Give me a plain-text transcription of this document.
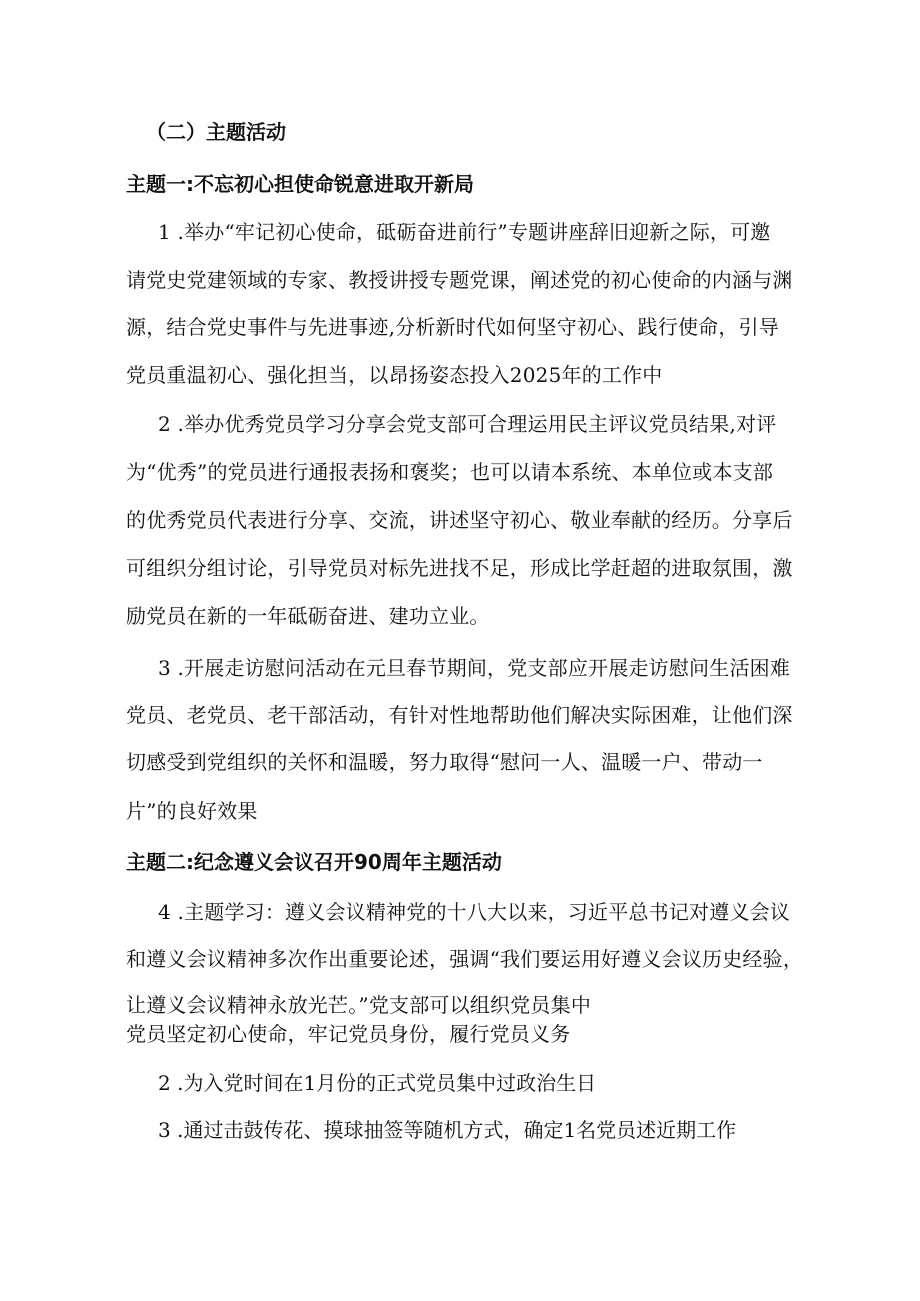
（二）主题活动
主题一:不忘初心担使命锐意进取开新局
1 .举办“牢记初心使命，砥砺奋进前行”专题讲座辞旧迎新之际，可邀
请党史党建领域的专家、教授讲授专题党课，阐述党的初心使命的内涵与渊
源，结合党史事件与先进事迹,分析新时代如何坚守初心、践行使命，引导
党员重温初心、强化担当，以昂扬姿态投入2025年的工作中
2 .举办优秀党员学习分享会党支部可合理运用民主评议党员结果,对评
为“优秀”的党员进行通报表扬和褒奖；也可以请本系统、本单位或本支部
的优秀党员代表进行分享、交流，讲述坚守初心、敬业奉献的经历。分享后
可组织分组讨论，引导党员对标先进找不足，形成比学赶超的进取氛围，激
励党员在新的一年砥砺奋进、建功立业。
3 .开展走访慰问活动在元旦春节期间，党支部应开展走访慰问生活困难
党员、老党员、老干部活动，有针对性地帮助他们解决实际困难，让他们深
切感受到党组织的关怀和温暖，努力取得“慰问一人、温暖一户、带动一
片”的良好效果
主题二:纪念遵义会议召开90周年主题活动
4 .主题学习：遵义会议精神党的十八大以来，习近平总书记对遵义会议
和遵义会议精神多次作出重要论述，强调“我们要运用好遵义会议历史经验，
让遵义会议精神永放光芒。”党支部可以组织党员集中
党员坚定初心使命，牢记党员身份，履行党员义务
2 .为入党时间在1月份的正式党员集中过政治生日
3 .通过击鼓传花、摸球抽签等随机方式，确定1名党员述近期工作
